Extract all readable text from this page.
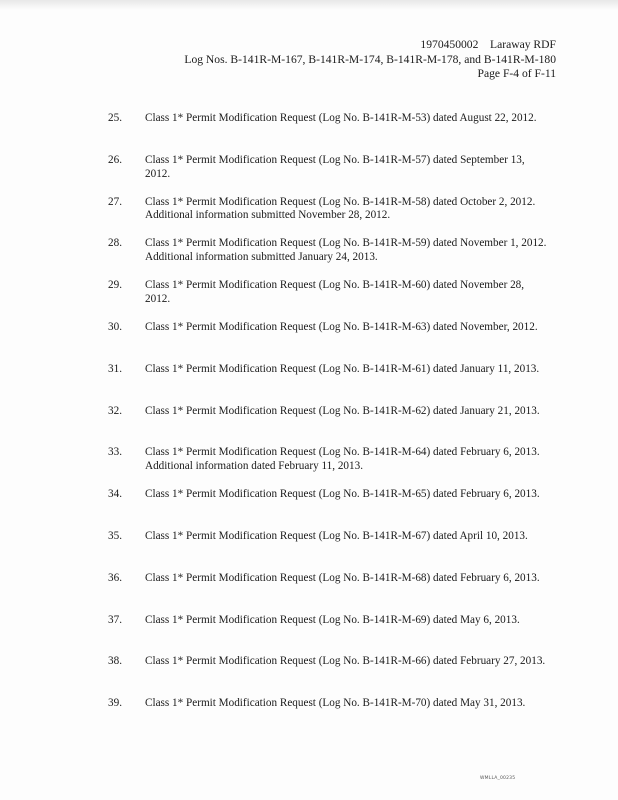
1970450002    Laraway RDF
Log Nos. B-141R-M-167, B-141R-M-174, B-141R-M-178, and B-141R-M-180
Page F-4 of F-11
25.	Class 1* Permit Modification Request (Log No. B-141R-M-53) dated August 22, 2012.
26.	Class 1* Permit Modification Request (Log No. B-141R-M-57) dated September 13, 2012.
27.	Class 1* Permit Modification Request (Log No. B-141R-M-58) dated October 2, 2012. Additional information submitted November 28, 2012.
28.	Class 1* Permit Modification Request (Log No. B-141R-M-59) dated November 1, 2012. Additional information submitted January 24, 2013.
29.	Class 1* Permit Modification Request (Log No. B-141R-M-60) dated November 28, 2012.
30.	Class 1* Permit Modification Request (Log No. B-141R-M-63) dated November, 2012.
31.	Class 1* Permit Modification Request (Log No. B-141R-M-61) dated January 11, 2013.
32.	Class 1* Permit Modification Request (Log No. B-141R-M-62) dated January 21, 2013.
33.	Class 1* Permit Modification Request (Log No. B-141R-M-64) dated February 6, 2013. Additional information dated February 11, 2013.
34.	Class 1* Permit Modification Request (Log No. B-141R-M-65) dated February 6, 2013.
35.	Class 1* Permit Modification Request (Log No. B-141R-M-67) dated April 10, 2013.
36.	Class 1* Permit Modification Request (Log No. B-141R-M-68) dated February 6, 2013.
37.	Class 1* Permit Modification Request (Log No. B-141R-M-69) dated May 6, 2013.
38.	Class 1* Permit Modification Request (Log No. B-141R-M-66) dated February 27, 2013.
39.	Class 1* Permit Modification Request (Log No. B-141R-M-70) dated May 31, 2013.
WMLLA_00235
